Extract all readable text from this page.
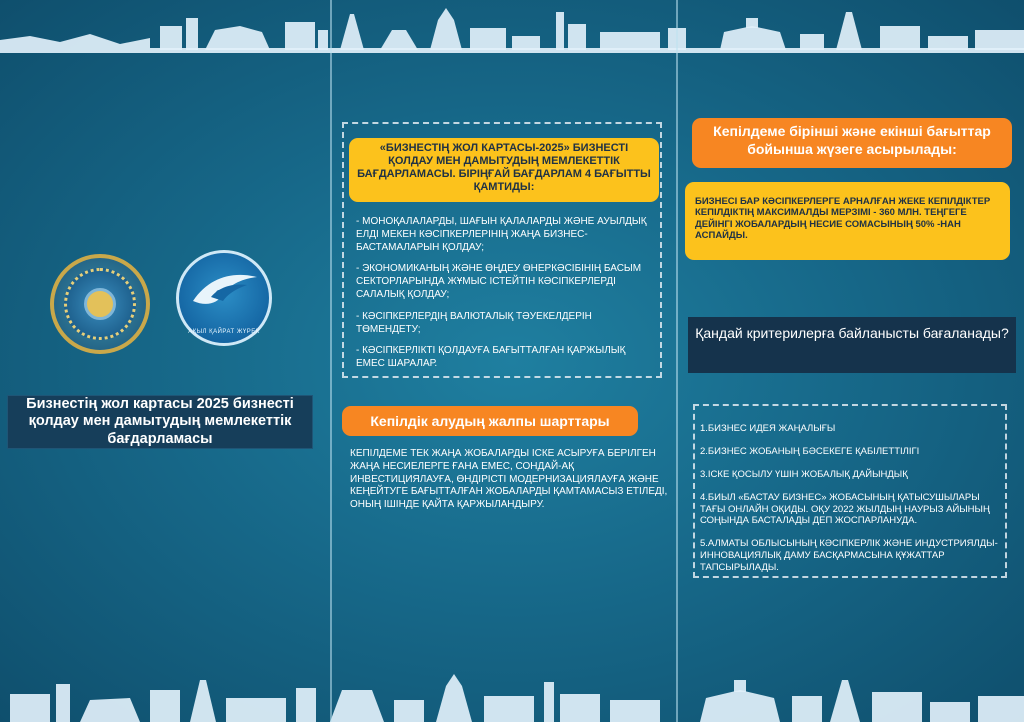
АҚЫЛ ҚАЙРАТ ЖҮРЕК
Бизнестің жол картасы 2025 бизнесті қолдау мен дамытудың мемлекеттік бағдарламасы
«БИЗНЕСТІҢ ЖОЛ КАРТАСЫ-2025» БИЗНЕСТІ ҚОЛДАУ МЕН ДАМЫТУДЫҢ МЕМЛЕКЕТТІК БАҒДАРЛАМАСЫ. БІРІҢҒАЙ БАҒДАРЛАМ 4 БАҒЫТТЫ ҚАМТИДЫ:
- МОНОҚАЛАЛАРДЫ, ШАҒЫН ҚАЛАЛАРДЫ ЖӘНЕ АУЫЛДЫҚ ЕЛДІ МЕКЕН КӘСІПКЕРЛЕРІНІҢ ЖАҢА БИЗНЕС-БАСТАМАЛАРЫН ҚОЛДАУ;
- ЭКОНОМИКАНЫҢ ЖӘНЕ ӨҢДЕУ ӨНЕРКӘСІБІНІҢ БАСЫМ СЕКТОРЛАРЫНДА ЖҰМЫС ІСТЕЙТІН КӘСІПКЕРЛЕРДІ САЛАЛЫҚ ҚОЛДАУ;
- КӘСІПКЕРЛЕРДІҢ ВАЛЮТАЛЫҚ ТӘУЕКЕЛДЕРІН ТӨМЕНДЕТУ;
- КӘСІПКЕРЛІКТІ ҚОЛДАУҒА БАҒЫТТАЛҒАН ҚАРЖЫЛЫҚ ЕМЕС ШАРАЛАР.
Кепілдік алудың жалпы шарттары
КЕПІЛДЕМЕ ТЕК ЖАҢА ЖОБАЛАРДЫ ІСКЕ АСЫРУҒА БЕРІЛГЕН ЖАҢА НЕСИЕЛЕРГЕ ҒАНА ЕМЕС, СОНДАЙ-АҚ ИНВЕСТИЦИЯЛАУҒА, ӨНДІРІСТІ МОДЕРНИЗАЦИЯЛАУҒА ЖӘНЕ КЕҢЕЙТУГЕ БАҒЫТТАЛҒАН ЖОБАЛАРДЫ ҚАМТАМАСЫЗ ЕТІЛЕДІ, ОНЫҢ ІШІНДЕ ҚАЙТА ҚАРЖЫЛАНДЫРУ.
Кепілдеме бірінші және екінші бағыттар бойынша жүзеге асырылады:
БИЗНЕСІ БАР КӘСІПКЕРЛЕРГЕ АРНАЛҒАН ЖЕКЕ КЕПІЛДІКТЕР КЕПІЛДІКТІҢ МАКСИМАЛДЫ МЕРЗІМІ - 360 МЛН. ТЕҢГЕГЕ ДЕЙІНГІ ЖОБАЛАРДЫҢ НЕСИЕ СОМАСЫНЫҢ 50% -НАН АСПАЙДЫ.
Қандай критерилерға байланысты бағаланады?
1.БИЗНЕС ИДЕЯ ЖАҢАЛЫҒЫ
2.БИЗНЕС ЖОБАНЫҢ БӘСЕКЕГЕ ҚАБІЛЕТТІЛІГІ
3.ІСКЕ ҚОСЫЛУ ҮШІН ЖОБАЛЫҚ ДАЙЫНДЫҚ
4.БИЫЛ «БАСТАУ БИЗНЕС» ЖОБАСЫНЫҢ ҚАТЫСУШЫЛАРЫ ТАҒЫ ОНЛАЙН ОҚИДЫ. ОҚУ 2022 ЖЫЛДЫҢ НАУРЫЗ АЙЫНЫҢ СОҢЫНДА БАСТАЛАДЫ ДЕП ЖОСПАРЛАНУДА.
5.АЛМАТЫ ОБЛЫСЫНЫҢ КӘСІПКЕРЛІК ЖӘНЕ ИНДУСТРИЯЛДЫ-ИННОВАЦИЯЛЫҚ ДАМУ БАСҚАРМАСЫНА ҚҰЖАТТАР ТАПСЫРЫЛАДЫ.
